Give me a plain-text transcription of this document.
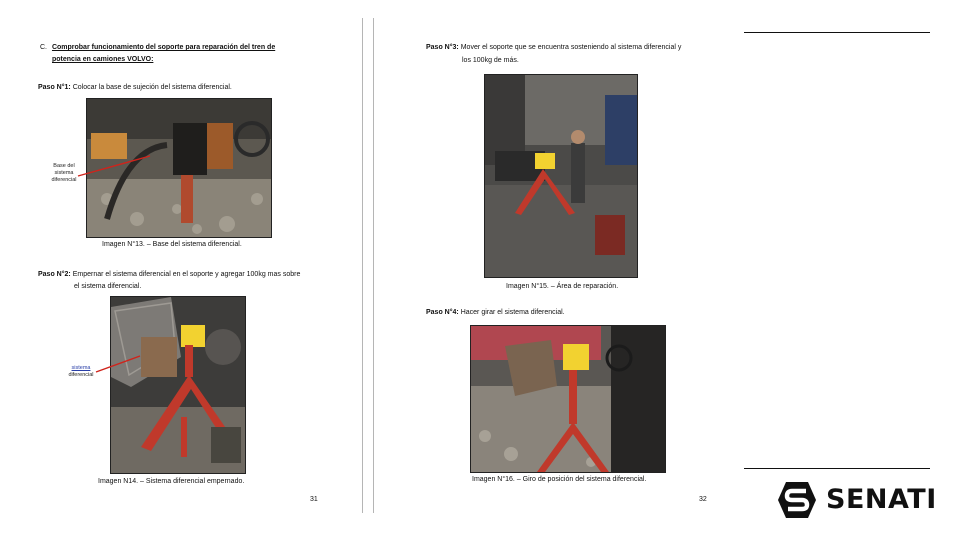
C. Comprobar funcionamiento del soporte para reparación del tren de
potencia en camiones VOLVO:
Paso N°1: Colocar la base de sujeción del sistema diferencial.
Base del
sistema
diferencial
Imagen N°13. – Base del sistema diferencial.
Paso N°2: Empernar el sistema diferencial en el soporte y agregar 100kg mas sobre
el sistema diferencial.
sistema
diferencial
Imagen N14. – Sistema diferencial empernado.
31
Paso N°3: Mover el soporte que se encuentra sosteniendo al sistema diferencial y
los 100kg de más.
Imagen N°15. – Área de reparación.
Paso N°4: Hacer girar el sistema diferencial.
Imagen N°16. – Giro de posición del sistema diferencial.
32	SENATI
